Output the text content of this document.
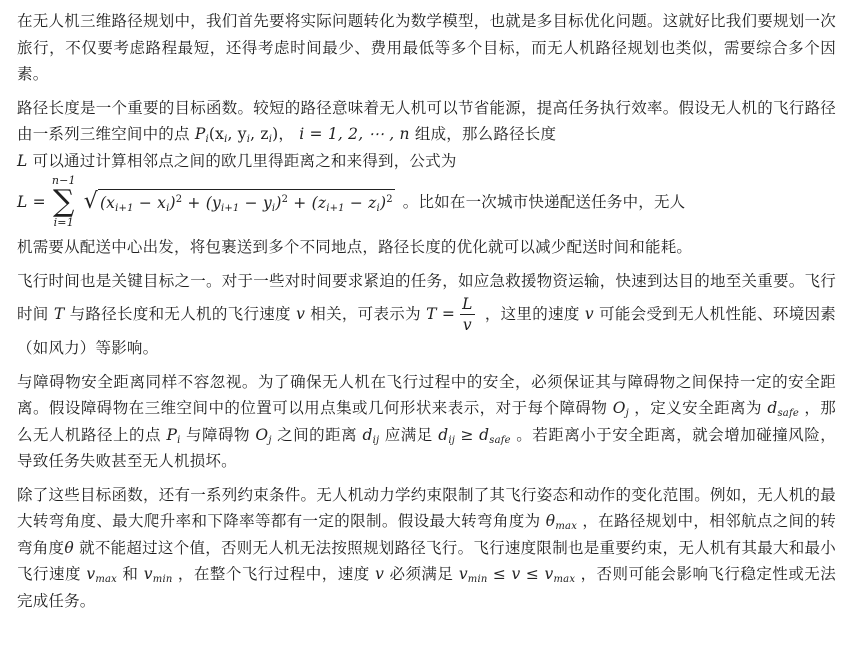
在无人机三维路径规划中，我们首先要将实际问题转化为数学模型，也就是多目标优化问题。这就好比我们要规划一次旅行，不仅要考虑路程最短，还得考虑时间最少、费用最低等多个目标，而无人机路径规划也类似，需要综合多个因素。

路径长度是一个重要的目标函数。较短的路径意味着无人机可以节省能源，提高任务执行效率。假设无人机的飞行路径由一系列三维空间中的点 $P_i(x_i$, $y_i$, $z_i$)， i = 1, 2, ⋯ , n 组成，那么路径长度
L 可以通过计算相邻点之间的欧几里得距离之和来得到，公式为
L =
n−1
∑
i=1
√ $(x_{i+1} - x_i)^2 + (y_{i+1} - y_i)^2 + (z_{i+1} - z_i)^2$ 。比如在一次城市快递配送任务中，无人
机需要从配送中心出发，将包裹送到多个不同地点，路径长度的优化就可以减少配送时间和能耗。
飞行时间也是关键目标之一。对于一些对时间要求紧迫的任务，如应急救援物资运输，快速到达目的地至关重要。飞行时间 T 与路径长度和无人机的飞行速度 v 相关，可表示为 $T = \frac{L}{v}$ ，这里的速度 v 可能会受到无人机性能、环境因素（如风力）等影响。
与障碍物安全距离同样不容忽视。为了确保无人机在飞行过程中的安全，必须保证其与障碍物之间保持一定的安全距离。假设障碍物在三维空间中的位置可以用点集或几何形状来表示，对于每个障碍物 $O_j$ ，定义安全距离为 $d_{safe}$ ，那么无人机路径上的点 $P_i$ 与障碍物 $O_j$ 之间的距离 $d_{ij}$ 应满足 $d_{ij} \ge d_{safe}$ 。若距离小于安全距离，就会增加碰撞风险，导致任务失败甚至无人机损坏。
除了这些目标函数，还有一系列约束条件。无人机动力学约束限制了其飞行姿态和动作的变化范围。例如，无人机的最大转弯角度、最大爬升率和下降率等都有一定的限制。假设最大转弯角度为 $\theta_{max}$ ，在路径规划中，相邻航点之间的转弯角度θ 就不能超过这个值，否则无人机无法按照规划路径飞行。飞行速度限制也是重要约束，无人机有其最大和最小飞行速度 $v_{max}$ 和 $v_{min}$ ，在整个飞行过程中，速度 v 必须满足 $v_{min} \le v \le v_{max}$ ，否则可能会影响飞行稳定性或无法完成任务。
